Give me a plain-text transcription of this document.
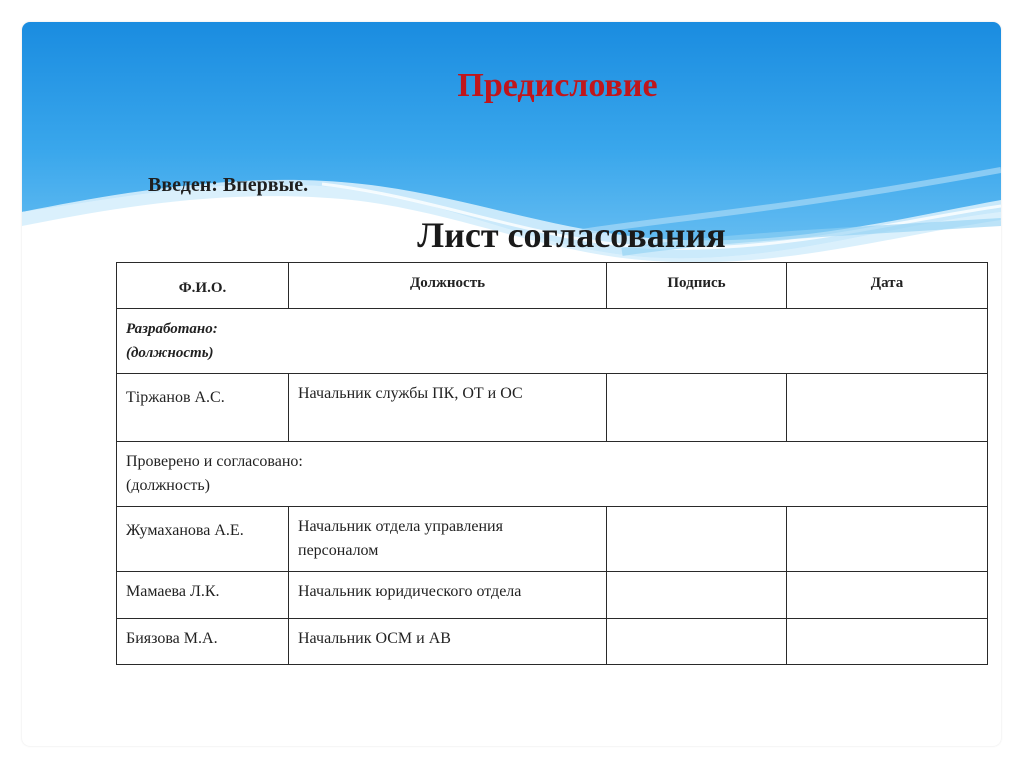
Предисловие
Введен: Впервые.
Лист согласования
Ф.И.О.	Должность	Подпись	Дата

Разработано:
(должность)			

Тіржанов А.С.	Начальник службы ПК, ОТ и ОС		

Проверено и согласовано:
(должность)			

Жумаханова А.Е.	Начальник отдела управления
персоналом		

Мамаева Л.К.	Начальник юридического отдела		
Биязова М.А.	Начальник ОСМ и АВ		
